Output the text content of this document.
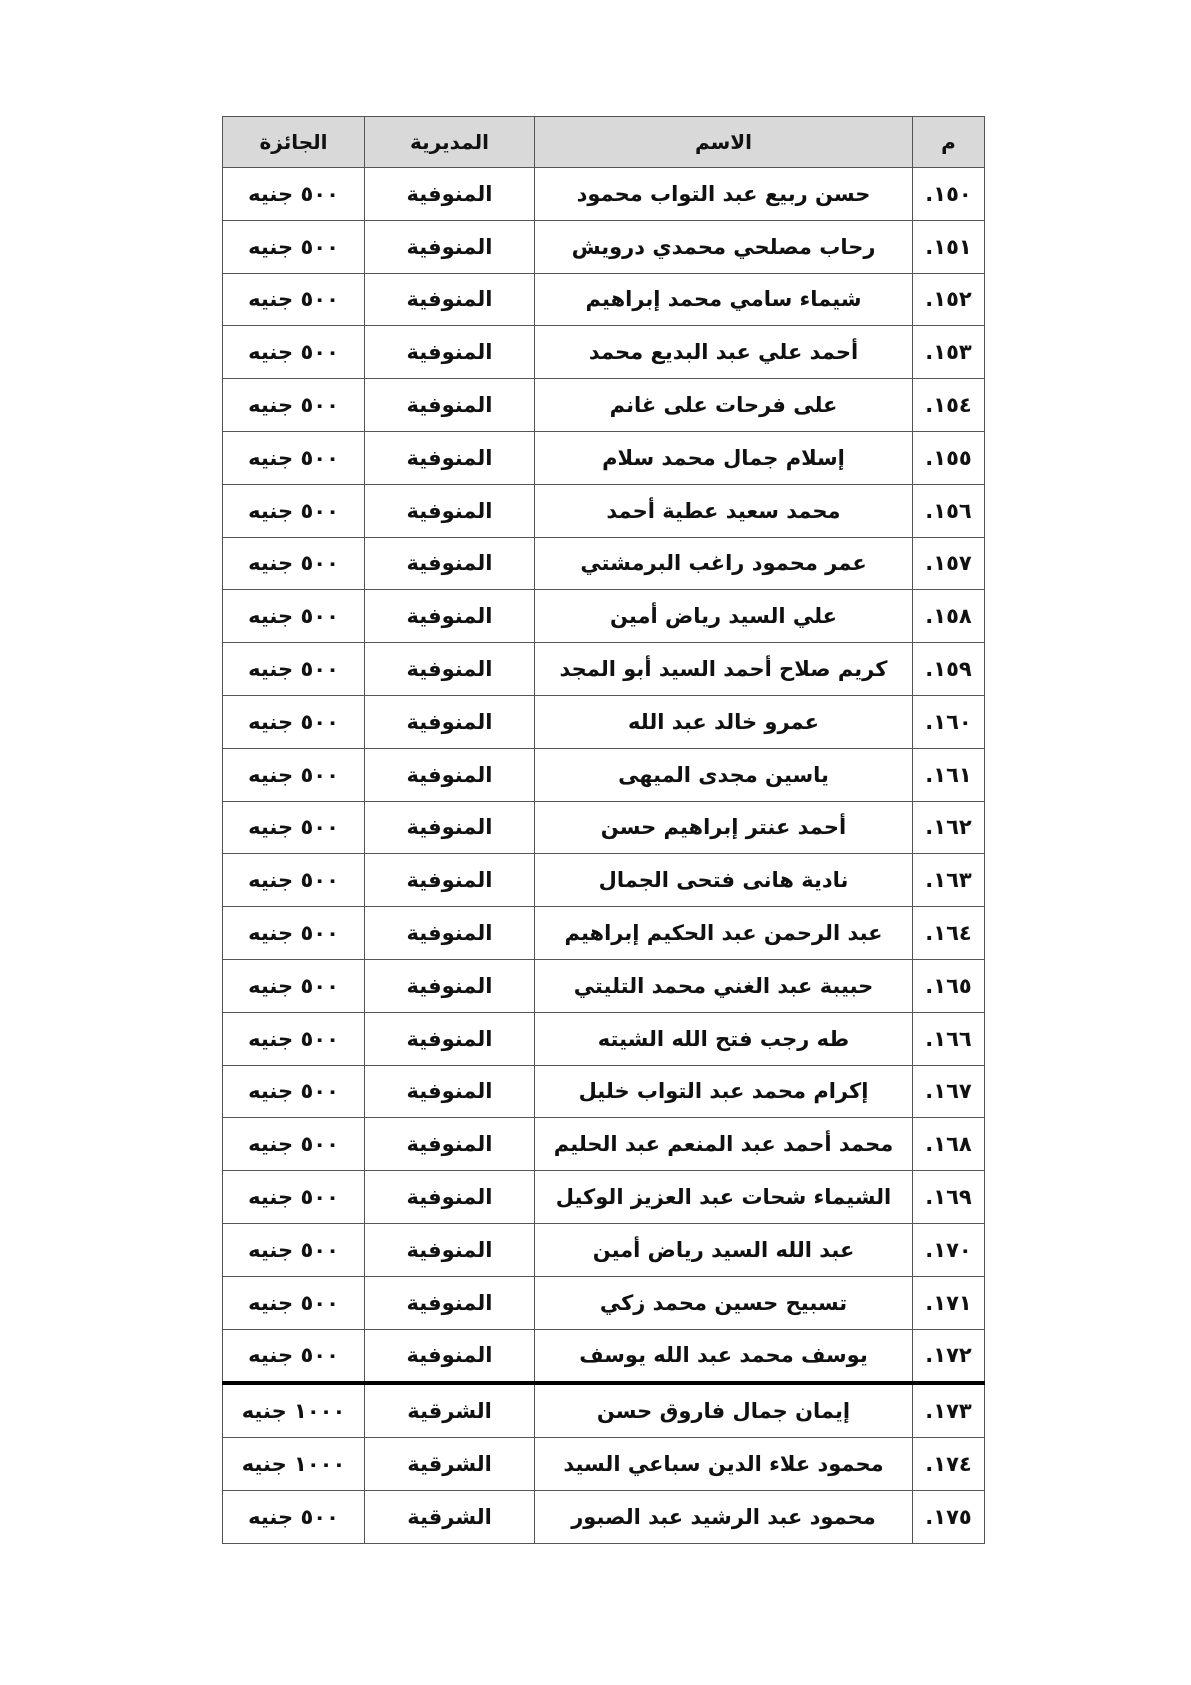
م	الاسم	المديرية	الجائزة
١٥٠.	حسن ربيع عبد التواب محمود	المنوفية	٥٠٠ جنيه
١٥١.	رحاب مصلحي محمدي درويش	المنوفية	٥٠٠ جنيه
١٥٢.	شيماء سامي محمد إبراهيم	المنوفية	٥٠٠ جنيه
١٥٣.	أحمد علي عبد البديع محمد	المنوفية	٥٠٠ جنيه
١٥٤.	على فرحات على غانم	المنوفية	٥٠٠ جنيه
١٥٥.	إسلام جمال محمد سلام	المنوفية	٥٠٠ جنيه
١٥٦.	محمد سعيد عطية أحمد	المنوفية	٥٠٠ جنيه
١٥٧.	عمر محمود راغب البرمشتي	المنوفية	٥٠٠ جنيه
١٥٨.	علي السيد رياض أمين	المنوفية	٥٠٠ جنيه
١٥٩.	كريم صلاح أحمد السيد أبو المجد	المنوفية	٥٠٠ جنيه
١٦٠.	عمرو خالد عبد الله	المنوفية	٥٠٠ جنيه
١٦١.	ياسين مجدى الميهى	المنوفية	٥٠٠ جنيه
١٦٢.	أحمد عنتر إبراهيم حسن	المنوفية	٥٠٠ جنيه
١٦٣.	نادية هانى فتحى الجمال	المنوفية	٥٠٠ جنيه
١٦٤.	عبد الرحمن عبد الحكيم إبراهيم	المنوفية	٥٠٠ جنيه
١٦٥.	حبيبة عبد الغني محمد التليتي	المنوفية	٥٠٠ جنيه
١٦٦.	طه رجب فتح الله الشيته	المنوفية	٥٠٠ جنيه
١٦٧.	إكرام محمد عبد التواب خليل	المنوفية	٥٠٠ جنيه
١٦٨.	محمد أحمد عبد المنعم عبد الحليم	المنوفية	٥٠٠ جنيه
١٦٩.	الشيماء شحات عبد العزيز الوكيل	المنوفية	٥٠٠ جنيه
١٧٠.	عبد الله السيد رياض أمين	المنوفية	٥٠٠ جنيه
١٧١.	تسبيح حسين محمد زكي	المنوفية	٥٠٠ جنيه
١٧٢.	يوسف محمد عبد الله يوسف	المنوفية	٥٠٠ جنيه
١٧٣.	إيمان جمال فاروق حسن	الشرقية	١٠٠٠ جنيه
١٧٤.	محمود علاء الدين سباعي السيد	الشرقية	١٠٠٠ جنيه
١٧٥.	محمود عبد الرشيد عبد الصبور	الشرقية	٥٠٠ جنيه
